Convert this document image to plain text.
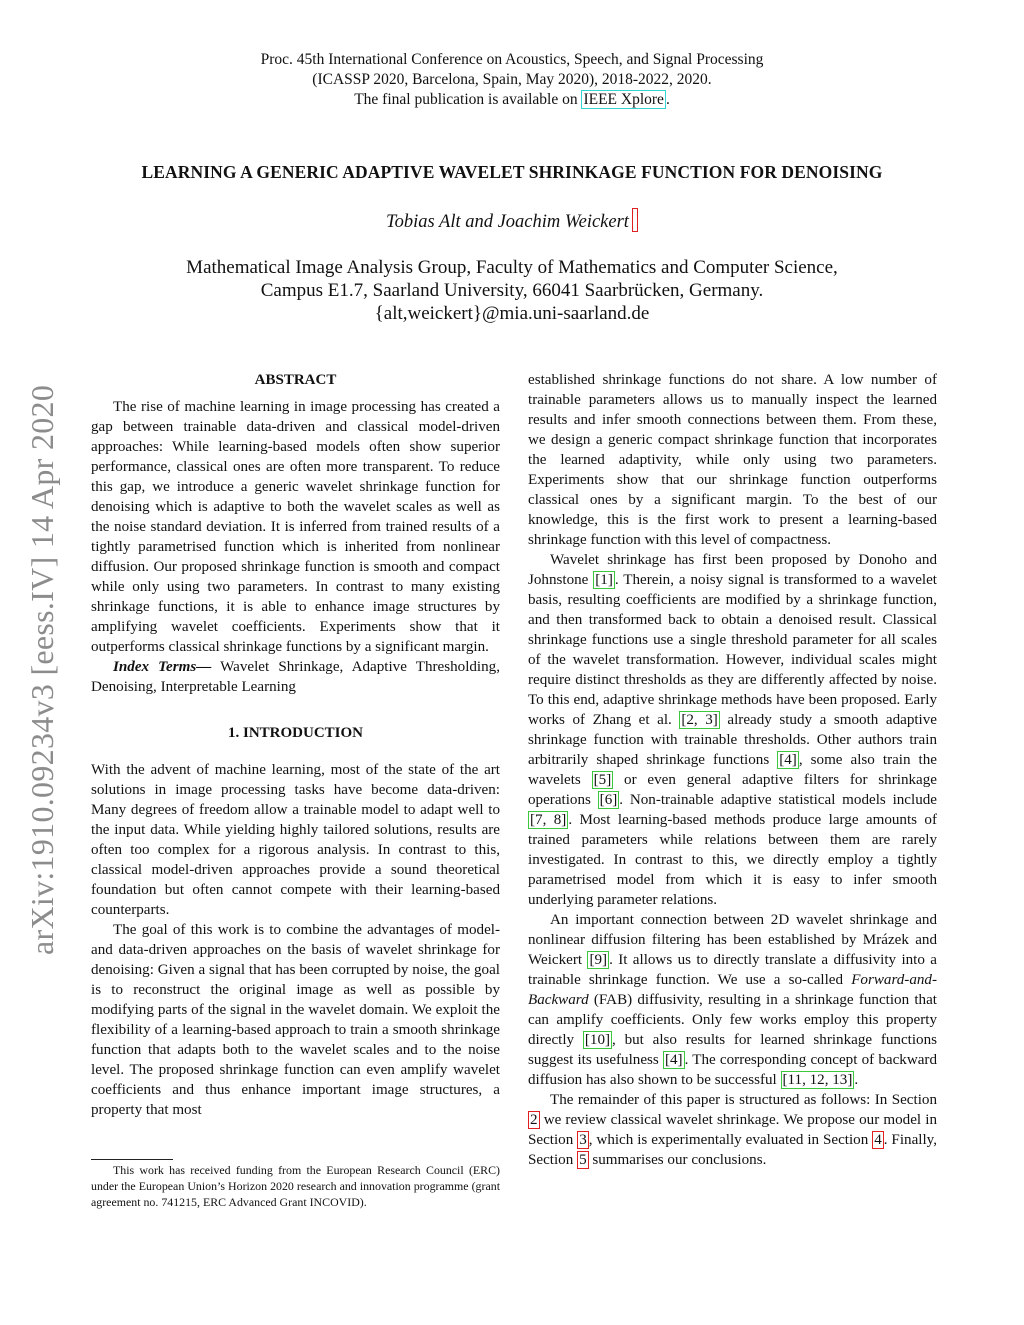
Proc. 45th International Conference on Acoustics, Speech, and Signal Processing
(ICASSP 2020, Barcelona, Spain, May 2020), 2018-2022, 2020.
The final publication is available on IEEE Xplore .
LEARNING A GENERIC ADAPTIVE WAVELET SHRINKAGE FUNCTION FOR DENOISING
Tobias Alt and Joachim Weickert
Mathematical Image Analysis Group, Faculty of Mathematics and Computer Science,
Campus E1.7, Saarland University, 66041 Saarbrücken, Germany.
{alt,weickert}@mia.uni-saarland.de
arXiv:1910.09234v3 [eess.IV] 14 Apr 2020

ABSTRACT

The rise of machine learning in image processing has created a gap between trainable data-driven and classical model-driven approaches: While learning-based models often show superior performance, classical ones are often more transparent. To reduce this gap, we introduce a generic wavelet shrinkage function for denoising which is adaptive to both the wavelet scales as well as the noise standard deviation. It is inferred from trained results of a tightly parametrised function which is inherited from nonlinear diffusion. Our proposed shrinkage function is smooth and compact while only using two parameters. In contrast to many existing shrinkage functions, it is able to enhance image structures by amplifying wavelet coefficients. Experiments show that it outperforms classical shrinkage functions by a significant margin.

Index Terms— Wavelet Shrinkage, Adaptive Thresholding, Denoising, Interpretable Learning

1. INTRODUCTION

With the advent of machine learning, most of the state of the art solutions in image processing tasks have become data-driven: Many degrees of freedom allow a trainable model to adapt well to the input data. While yielding highly tailored solutions, results are often too complex for a rigorous analysis. In contrast to this, classical model-driven approaches provide a sound theoretical foundation but often cannot compete with their learning-based counterparts.

The goal of this work is to combine the advantages of model- and data-driven approaches on the basis of wavelet shrinkage for denoising: Given a signal that has been corrupted by noise, the goal is to reconstruct the original image as well as possible by modifying parts of the signal in the wavelet domain. We exploit the flexibility of a learning-based approach to train a smooth shrinkage function that adapts both to the wavelet scales and to the noise level. The proposed shrinkage function can even amplify wavelet coefficients and thus enhance important image structures, a property that most

established shrinkage functions do not share. A low number of trainable parameters allows us to manually inspect the learned results and infer smooth connections between them. From these, we design a generic compact shrinkage function that incorporates the learned adaptivity, while only using two parameters. Experiments show that our shrinkage function outperforms classical ones by a significant margin. To the best of our knowledge, this is the first work to present a learning-based shrinkage function with this level of compactness.

Wavelet shrinkage has first been proposed by Donoho and Johnstone [1] . Therein, a noisy signal is transformed to a wavelet basis, resulting coefficients are modified by a shrinkage function, and then transformed back to obtain a denoised result. Classical shrinkage functions use a single threshold parameter for all scales of the wavelet transformation. However, individual scales might require distinct thresholds as they are differently affected by noise. To this end, adaptive shrinkage methods have been proposed. Early works of Zhang et al. [2, 3] already study a smooth adaptive shrinkage function with trainable thresholds. Other authors train arbitrarily shaped shrinkage functions [4] , some also train the wavelets [5] or even general adaptive filters for shrinkage operations [6] . Non-trainable adaptive statistical models include [7, 8] . Most learning-based methods produce large amounts of trained parameters while relations between them are rarely investigated. In contrast to this, we directly employ a tightly parametrised model from which it is easy to infer smooth underlying parameter relations.

An important connection between 2D wavelet shrinkage and nonlinear diffusion filtering has been established by Mrázek and Weickert [9] . It allows us to directly translate a diffusivity into a trainable shrinkage function. We use a so-called Forward-and-Backward (FAB) diffusivity, resulting in a shrinkage function that can amplify coefficients. Only few works employ this property directly [10] , but also results for learned shrinkage functions suggest its usefulness [4] . The corresponding concept of backward diffusion has also shown to be successful [11, 12, 13] .

The remainder of this paper is structured as follows: In Section 2 we review classical wavelet shrinkage. We propose our model in Section 3 , which is experimentally evaluated in Section 4 . Finally, Section 5 summarises our conclusions.

This work has received funding from the European Research Council (ERC) under the European Union’s Horizon 2020 research and innovation programme (grant agreement no. 741215, ERC Advanced Grant INCOVID).
